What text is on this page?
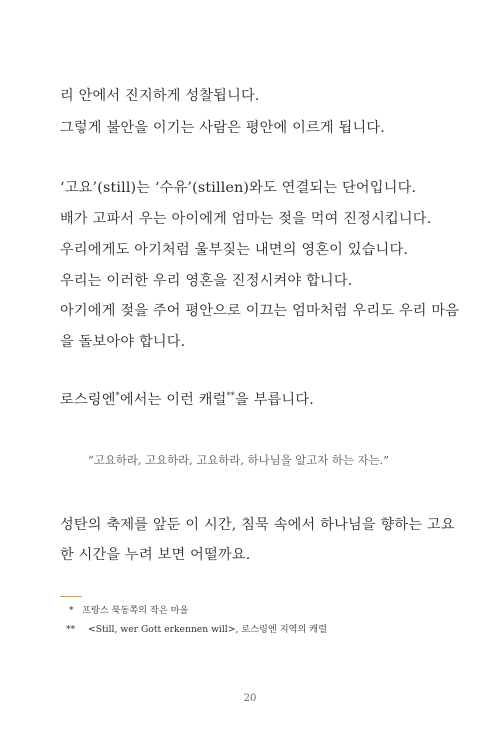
리 안에서 진지하게 성찰됩니다.
그렇게 불안을 이기는 사람은 평안에 이르게 됩니다.
‘고요’(still)는 ‘수유’(stillen)와도 연결되는 단어입니다.
배가 고파서 우는 아이에게 엄마는 젖을 먹여 진정시킵니다.
우리에게도 아기처럼 울부짖는 내면의 영혼이 있습니다.
우리는 이러한 우리 영혼을 진정시켜야 합니다.
아기에게 젖을 주어 평안으로 이끄는 엄마처럼 우리도 우리 마음
을 돌보아야 합니다.
로스링엔*에서는 이런 캐럴**을 부릅니다.
“고요하라, 고요하라, 고요하라, 하나님을 알고자 하는 자는.”
성탄의 축제를 앞둔 이 시간, 침묵 속에서 하나님을 향하는 고요
한 시간을 누려 보면 어떨까요.
* 프랑스 북동쪽의 작은 마을
** <Still, wer Gott erkennen will>, 로스링엔 지역의 캐럴
20
